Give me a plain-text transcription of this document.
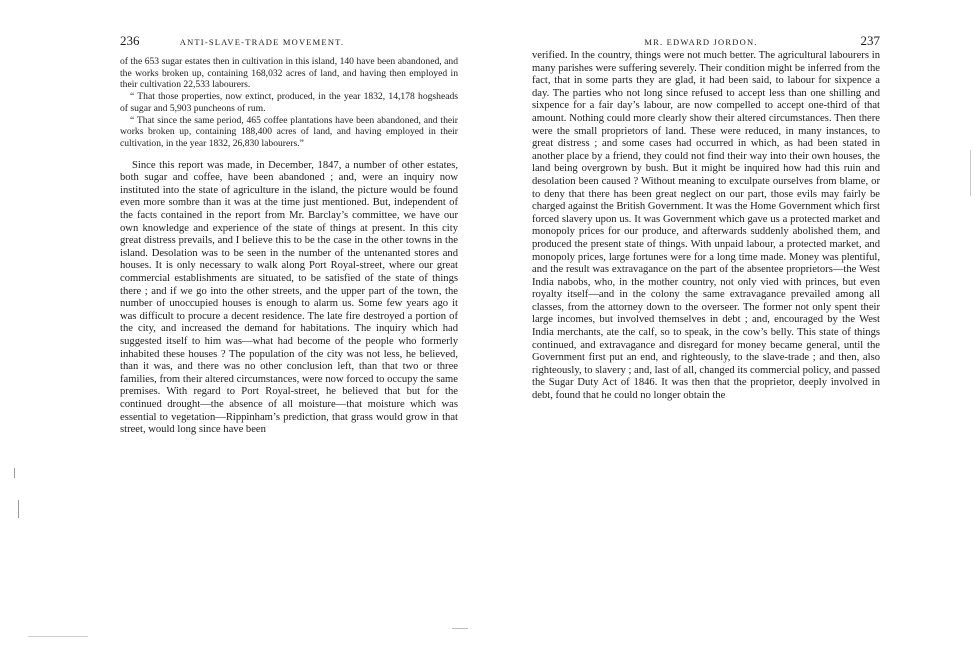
236	ANTI-SLAVE-TRADE MOVEMENT.

of the 653 sugar estates then in cultivation in this island, 140 have been abandoned, and the works broken up, containing 168,032 acres of land, and having then employed in their cultivation 22,533 labourers.

“ That those properties, now extinct, produced, in the year 1832, 14,178 hogsheads of sugar and 5,903 puncheons of rum.

“ That since the same period, 465 coffee plantations have been abandoned, and their works broken up, containing 188,400 acres of land, and having employed in their cultivation, in the year 1832, 26,830 labourers.”

Since this report was made, in December, 1847, a number of other estates, both sugar and coffee, have been abandoned ; and, were an inquiry now instituted into the state of agriculture in the island, the picture would be found even more sombre than it was at the time just mentioned. But, independent of the facts contained in the report from Mr. Barclay’s committee, we have our own knowledge and experience of the state of things at present. In this city great distress prevails, and I believe this to be the case in the other towns in the island. Desolation was to be seen in the number of the untenanted stores and houses. It is only necessary to walk along Port Royal-street, where our great commercial establishments are situated, to be satisfied of the state of things there ; and if we go into the other streets, and the upper part of the town, the number of unoccupied houses is enough to alarm us. Some few years ago it was difficult to procure a decent residence. The late fire destroyed a portion of the city, and increased the demand for habitations. The inquiry which had suggested itself to him was—what had become of the people who formerly inhabited these houses ? The population of the city was not less, he believed, than it was, and there was no other conclusion left, than that two or three families, from their altered circumstances, were now forced to occupy the same premises. With regard to Port Royal-street, he believed that but for the continued drought—the absence of all moisture—that moisture which was essential to vegetation—Rippinham’s prediction, that grass would grow in that street, would long since have been

MR. EDWARD JORDON.	237

verified. In the country, things were not much better. The agricultural labourers in many parishes were suffering severely. Their condition might be inferred from the fact, that in some parts they are glad, it had been said, to labour for sixpence a day. The parties who not long since refused to accept less than one shilling and sixpence for a fair day’s labour, are now compelled to accept one-third of that amount. Nothing could more clearly show their altered circumstances. Then there were the small proprietors of land. These were reduced, in many instances, to great distress ; and some cases had occurred in which, as had been stated in another place by a friend, they could not find their way into their own houses, the land being overgrown by bush. But it might be inquired how had this ruin and desolation been caused ? Without meaning to exculpate ourselves from blame, or to deny that there has been great neglect on our part, those evils may fairly be charged against the British Government. It was the Home Government which first forced slavery upon us. It was Government which gave us a protected market and monopoly prices for our produce, and afterwards suddenly abolished them, and produced the present state of things. With unpaid labour, a protected market, and monopoly prices, large fortunes were for a long time made. Money was plentiful, and the result was extravagance on the part of the absentee proprietors—the West India nabobs, who, in the mother country, not only vied with princes, but even royalty itself—and in the colony the same extravagance prevailed among all classes, from the attorney down to the overseer. The former not only spent their large incomes, but involved themselves in debt ; and, encouraged by the West India merchants, ate the calf, so to speak, in the cow’s belly. This state of things continued, and extravagance and disregard for money became general, until the Government first put an end, and righteously, to the slave-trade ; and then, also righteously, to slavery ; and, last of all, changed its commercial policy, and passed the Sugar Duty Act of 1846. It was then that the proprietor, deeply involved in debt, found that he could no longer obtain the
